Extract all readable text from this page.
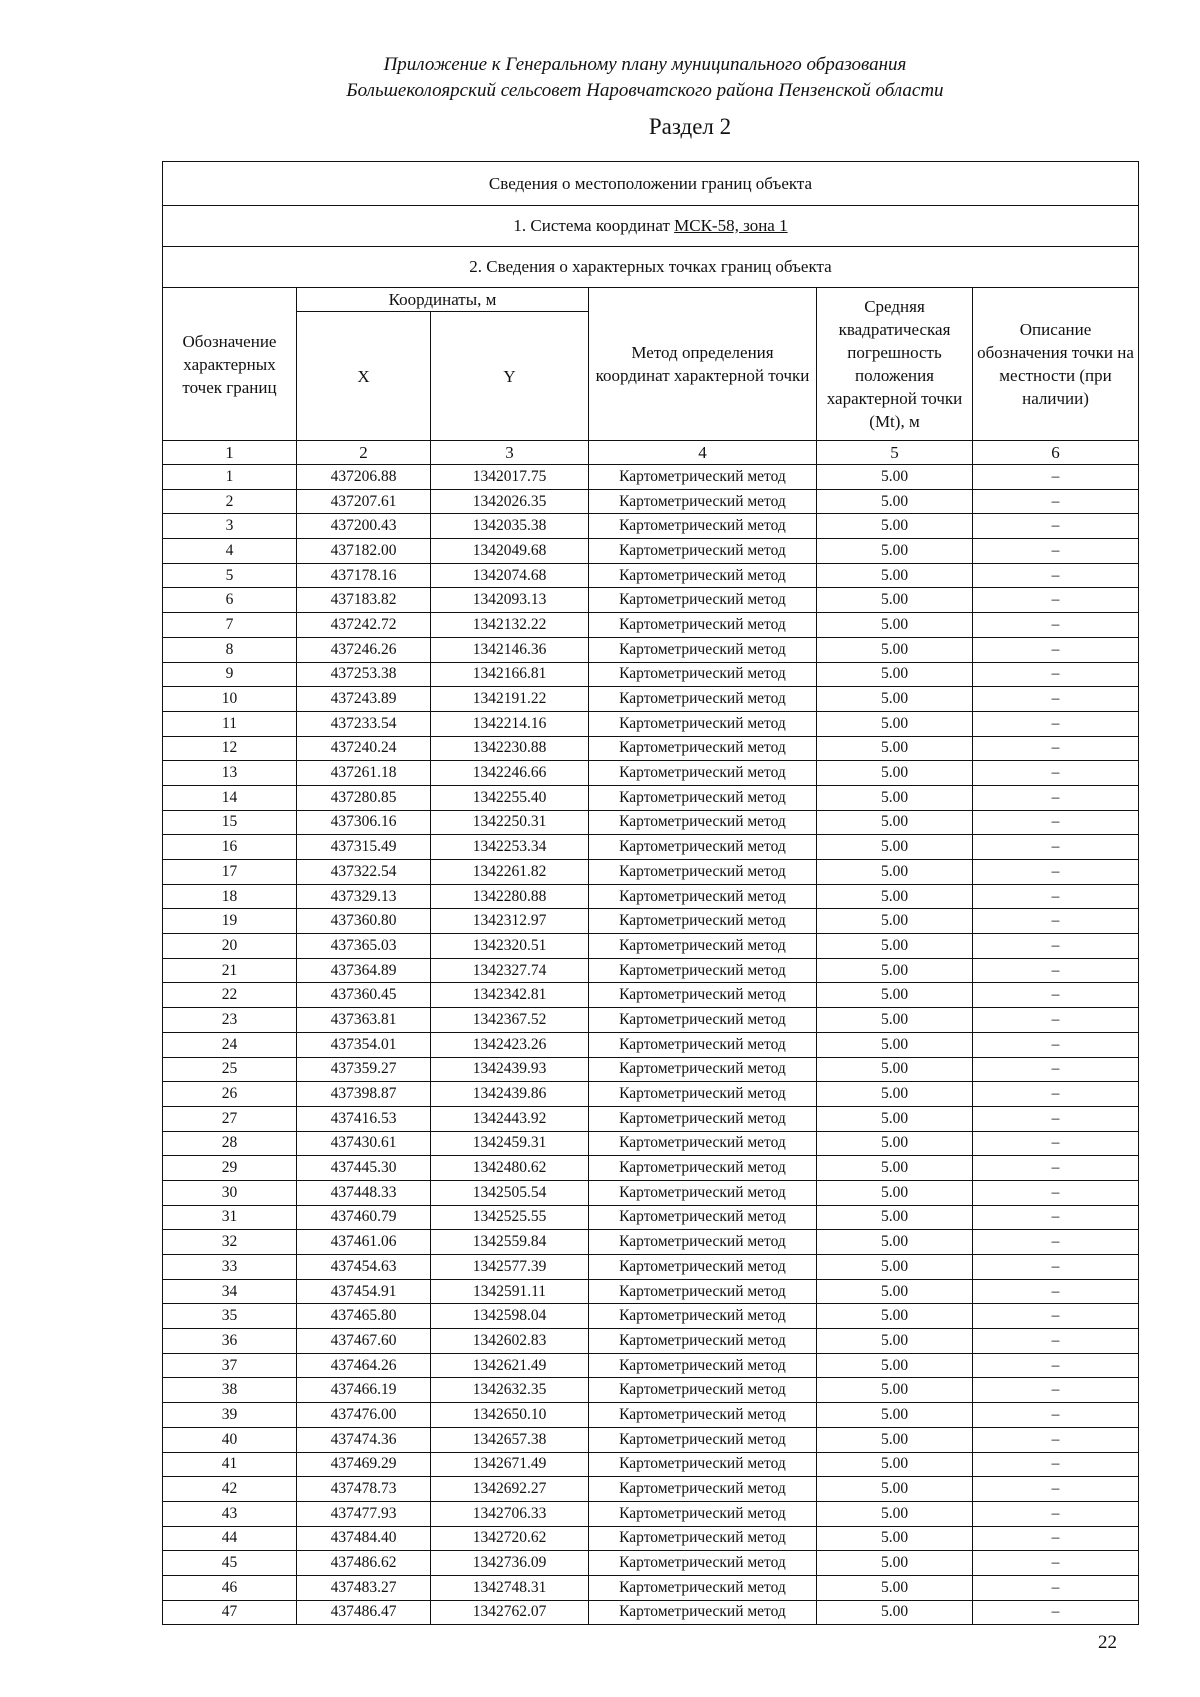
Приложение к Генеральному плану муниципального образования
Большеколоярский сельсовет Наровчатского района Пензенской области
Раздел 2
Сведения о местоположении границ объекта					
1. Система координат МСК-58, зона 1					
2. Сведения о характерных точках границ объекта					
Обозначение характерных точек границ	Координаты, м		Метод определения координат характерной точки	Средняя квадратическая погрешность положения характерной точки (Mt), м	Описание обозначения точки на местности (при наличии)
	X	Y			
1	2	3	4	5	6
1	437206.88	1342017.75	Картометрический метод	5.00	–
2	437207.61	1342026.35	Картометрический метод	5.00	–
3	437200.43	1342035.38	Картометрический метод	5.00	–
4	437182.00	1342049.68	Картометрический метод	5.00	–
5	437178.16	1342074.68	Картометрический метод	5.00	–
6	437183.82	1342093.13	Картометрический метод	5.00	–
7	437242.72	1342132.22	Картометрический метод	5.00	–
8	437246.26	1342146.36	Картометрический метод	5.00	–
9	437253.38	1342166.81	Картометрический метод	5.00	–
10	437243.89	1342191.22	Картометрический метод	5.00	–
11	437233.54	1342214.16	Картометрический метод	5.00	–
12	437240.24	1342230.88	Картометрический метод	5.00	–
13	437261.18	1342246.66	Картометрический метод	5.00	–
14	437280.85	1342255.40	Картометрический метод	5.00	–
15	437306.16	1342250.31	Картометрический метод	5.00	–
16	437315.49	1342253.34	Картометрический метод	5.00	–
17	437322.54	1342261.82	Картометрический метод	5.00	–
18	437329.13	1342280.88	Картометрический метод	5.00	–
19	437360.80	1342312.97	Картометрический метод	5.00	–
20	437365.03	1342320.51	Картометрический метод	5.00	–
21	437364.89	1342327.74	Картометрический метод	5.00	–
22	437360.45	1342342.81	Картометрический метод	5.00	–
23	437363.81	1342367.52	Картометрический метод	5.00	–
24	437354.01	1342423.26	Картометрический метод	5.00	–
25	437359.27	1342439.93	Картометрический метод	5.00	–
26	437398.87	1342439.86	Картометрический метод	5.00	–
27	437416.53	1342443.92	Картометрический метод	5.00	–
28	437430.61	1342459.31	Картометрический метод	5.00	–
29	437445.30	1342480.62	Картометрический метод	5.00	–
30	437448.33	1342505.54	Картометрический метод	5.00	–
31	437460.79	1342525.55	Картометрический метод	5.00	–
32	437461.06	1342559.84	Картометрический метод	5.00	–
33	437454.63	1342577.39	Картометрический метод	5.00	–
34	437454.91	1342591.11	Картометрический метод	5.00	–
35	437465.80	1342598.04	Картометрический метод	5.00	–
36	437467.60	1342602.83	Картометрический метод	5.00	–
37	437464.26	1342621.49	Картометрический метод	5.00	–
38	437466.19	1342632.35	Картометрический метод	5.00	–
39	437476.00	1342650.10	Картометрический метод	5.00	–
40	437474.36	1342657.38	Картометрический метод	5.00	–
41	437469.29	1342671.49	Картометрический метод	5.00	–
42	437478.73	1342692.27	Картометрический метод	5.00	–
43	437477.93	1342706.33	Картометрический метод	5.00	–
44	437484.40	1342720.62	Картометрический метод	5.00	–
45	437486.62	1342736.09	Картометрический метод	5.00	–
46	437483.27	1342748.31	Картометрический метод	5.00	–
47	437486.47	1342762.07	Картометрический метод	5.00	–
22
